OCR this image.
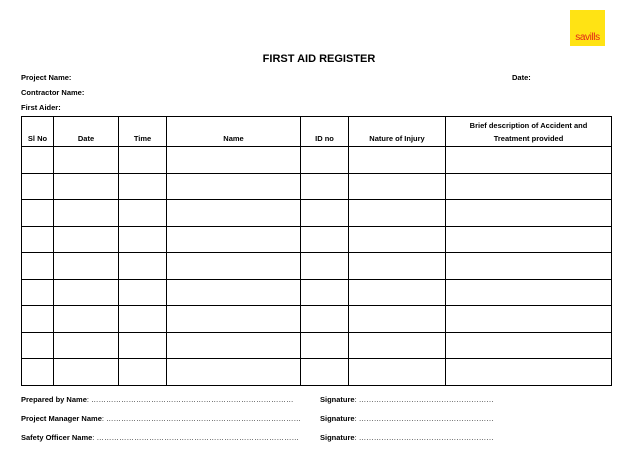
savills
FIRST AID REGISTER
Project Name:	Date:
Contractor Name:
First Aider:
Sl No	Date	Time	Name	ID no	Nature of Injury	Brief description of Accident and
Treatment provided

Prepared by Name: ………………………………………………………………………	Signature: ………………………………………………
Project Manager Name: ……………………………………………………………………	Signature: ………………………………………………
Safety Officer Name: ………………………………………………………………………	Signature: ………………………………………………
